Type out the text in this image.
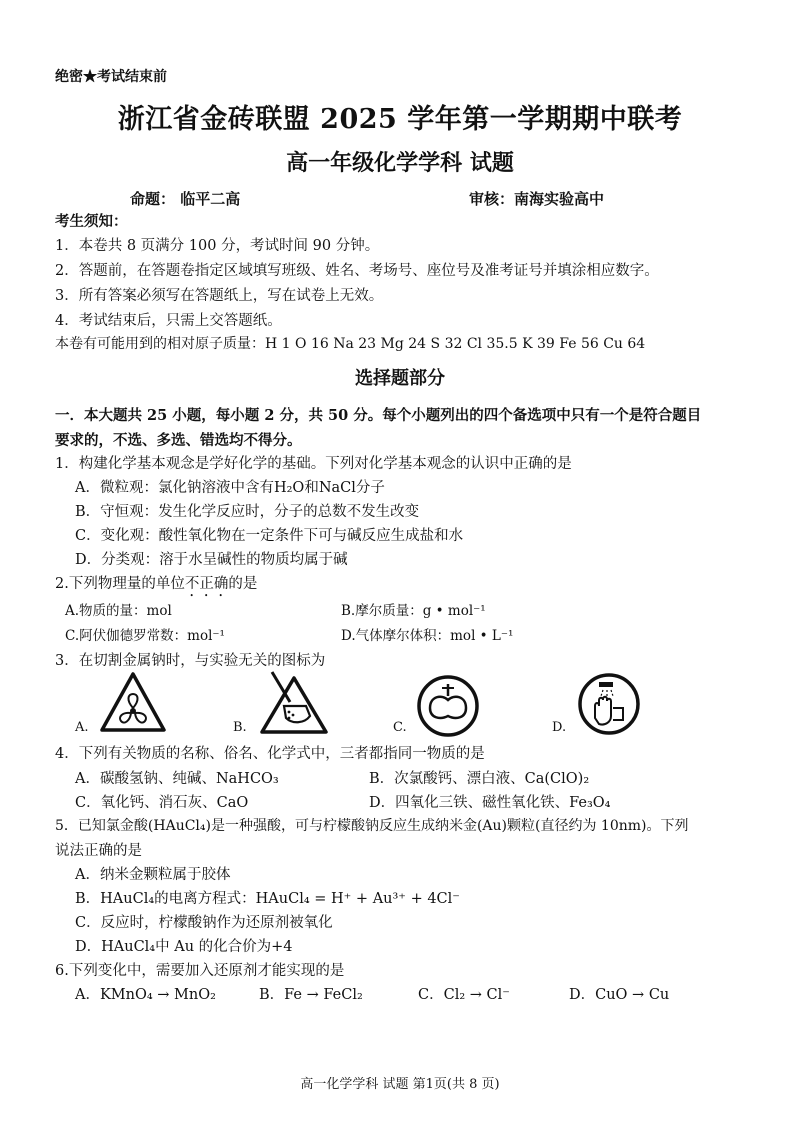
绝密★考试结束前
浙江省金砖联盟 2025 学年第一学期期中联考
高一年级化学学科 试题
命题： 临平二高	审核：南海实验高中
考生须知：
1．本卷共 8 页满分 100 分，考试时间 90 分钟。
2．答题前，在答题卷指定区域填写班级、姓名、考场号、座位号及准考证号并填涂相应数字。
3．所有答案必须写在答题纸上，写在试卷上无效。
4．考试结束后，只需上交答题纸。
本卷有可能用到的相对原子质量：H 1 O 16 Na 23 Mg 24 S 32 Cl 35.5 K 39 Fe 56 Cu 64
选择题部分
一．本大题共 25 小题，每小题 2 分，共 50 分。每个小题列出的四个备选项中只有一个是符合题目
要求的，不选、多选、错选均不得分。
1．构建化学基本观念是学好化学的基础。下列对化学基本观念的认识中正确的是
A．微粒观：氯化钠溶液中含有H₂O和NaCl分子
B．守恒观：发生化学反应时，分子的总数不发生改变
C．变化观：酸性氧化物在一定条件下可与碱反应生成盐和水
D．分类观：溶于水呈碱性的物质均属于碱
2.下列物理量的单位不正确的是
A.物质的量：mol	B.摩尔质量：g • mol⁻¹
C.阿伏伽德罗常数：mol⁻¹	D.气体摩尔体积：mol • L⁻¹
3．在切割金属钠时，与实验无关的图标为
A.	B.	C.	D.
4．下列有关物质的名称、俗名、化学式中，三者都指同一物质的是
A．碳酸氢钠、纯碱、NaHCO₃	B．次氯酸钙、漂白液、Ca(ClO)₂
C．氧化钙、消石灰、CaO	D．四氧化三铁、磁性氧化铁、Fe₃O₄
5．已知氯金酸(HAuCl₄)是一种强酸，可与柠檬酸钠反应生成纳米金(Au)颗粒(直径约为 10nm)。下列
说法正确的是
A．纳米金颗粒属于胶体
B．HAuCl₄的电离方程式：HAuCl₄ = H⁺ + Au³⁺ + 4Cl⁻
C．反应时，柠檬酸钠作为还原剂被氧化
D．HAuCl₄中 Au 的化合价为+4
6.下列变化中，需要加入还原剂才能实现的是
A．KMnO₄ → MnO₂	B．Fe → FeCl₂	C．Cl₂ → Cl⁻	D．CuO → Cu
高一化学学科 试题 第1页(共 8 页)
